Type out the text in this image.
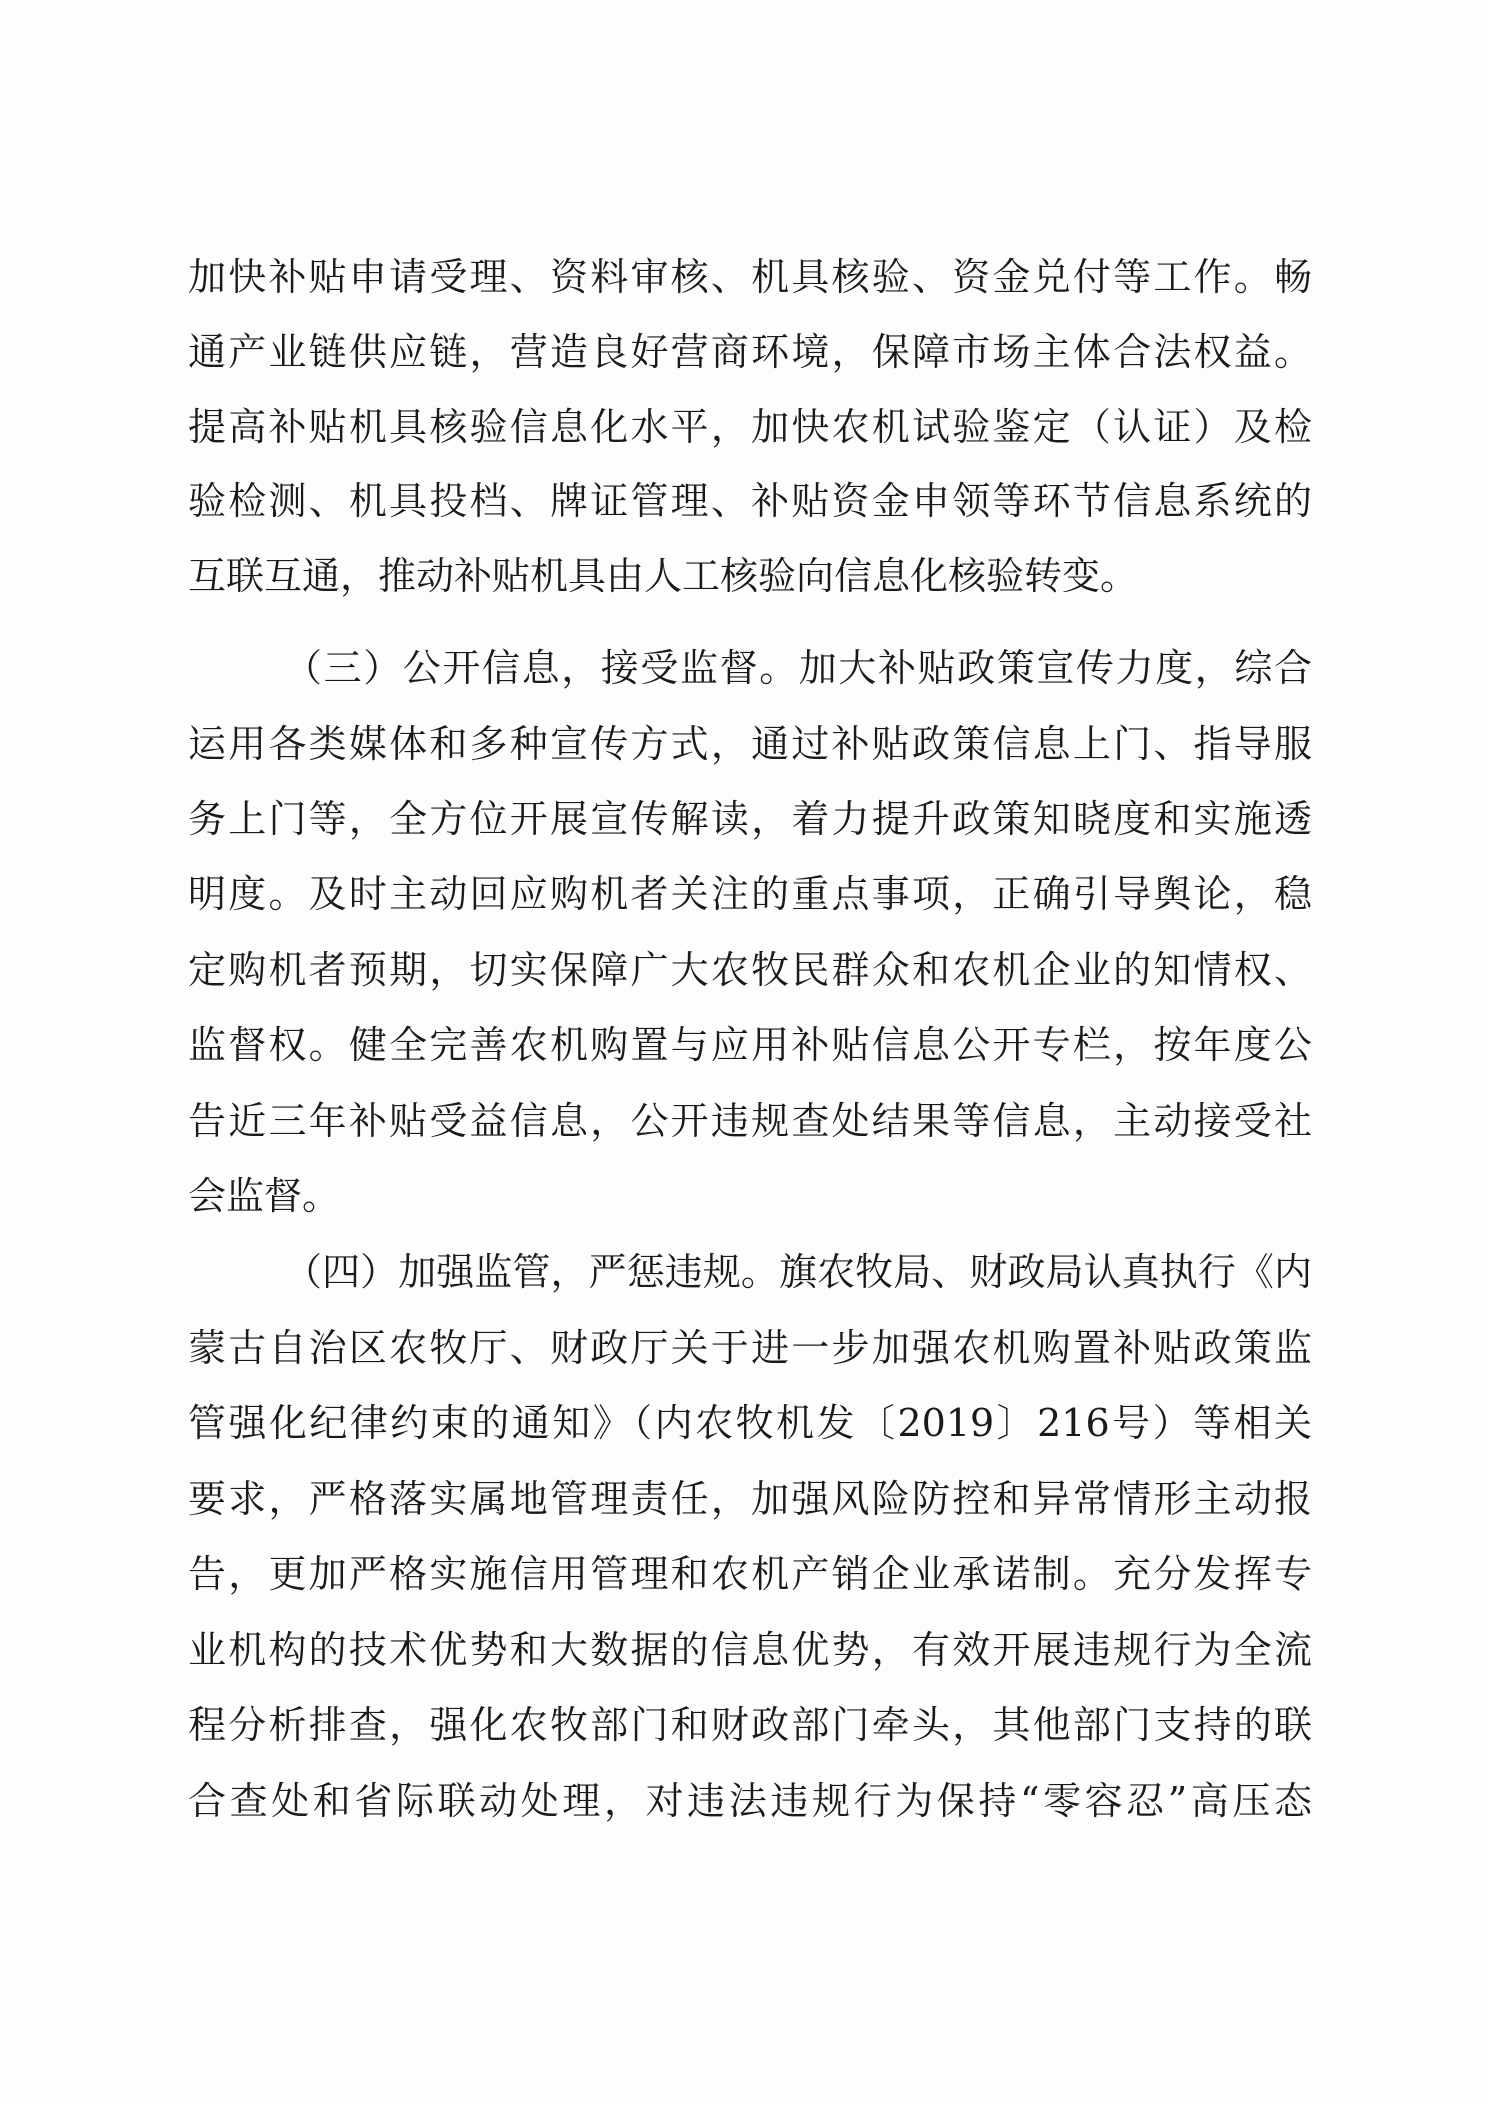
加快补贴申请受理、资料审核、机具核验、资金兑付等工作。畅
通产业链供应链，营造良好营商环境，保障市场主体合法权益。
提高补贴机具核验信息化水平，加快农机试验鉴定（认证）及检
验检测、机具投档、牌证管理、补贴资金申领等环节信息系统的
互联互通，推动补贴机具由人工核验向信息化核验转变。
（三）公开信息，接受监督。加大补贴政策宣传力度，综合
运用各类媒体和多种宣传方式，通过补贴政策信息上门、指导服
务上门等，全方位开展宣传解读，着力提升政策知晓度和实施透
明度。及时主动回应购机者关注的重点事项，正确引导舆论，稳
定购机者预期，切实保障广大农牧民群众和农机企业的知情权、
监督权。健全完善农机购置与应用补贴信息公开专栏，按年度公
告近三年补贴受益信息，公开违规查处结果等信息，主动接受社
会监督。
（四）加强监管，严惩违规。旗农牧局、财政局认真执行《内
蒙古自治区农牧厅、财政厅关于进一步加强农机购置补贴政策监
管强化纪律约束的通知》（内农牧机发〔2019〕216号）等相关
要求，严格落实属地管理责任，加强风险防控和异常情形主动报
告，更加严格实施信用管理和农机产销企业承诺制。充分发挥专
业机构的技术优势和大数据的信息优势，有效开展违规行为全流
程分析排查，强化农牧部门和财政部门牵头，其他部门支持的联
合查处和省际联动处理，对违法违规行为保持“零容忍”高压态
